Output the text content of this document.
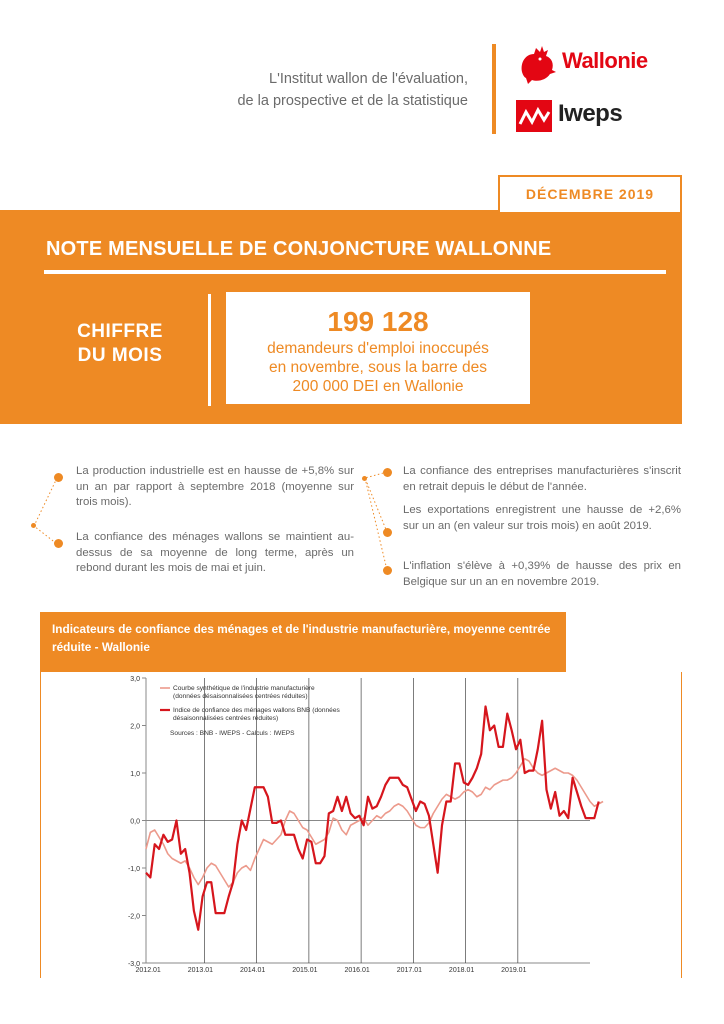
L'Institut wallon de l'évaluation,
de la prospective et de la statistique
Wallonie
Iweps
DÉCEMBRE 2019
NOTE MENSUELLE DE CONJONCTURE WALLONNE
CHIFFRE
DU MOIS
199 128
demandeurs d'emploi inoccupés
en novembre, sous la barre des
200 000 DEI en Wallonie
La production industrielle est en hausse de +5,8% sur un an par rapport à septembre 2018 (moyenne sur trois mois).
La confiance des ménages wallons se maintient au-dessus de sa moyenne de long terme, après un rebond durant les mois de mai et juin.
La confiance des entreprises manufacturières s'inscrit en retrait depuis le début de l'année.
Les exportations enregistrent une hausse de +2,6% sur un an (en valeur sur trois mois) en août 2019.
L'inflation s'élève à +0,39% de hausse des prix en Belgique sur un an en novembre 2019.
Indicateurs de confiance des ménages et de l'industrie manufacturière, moyenne centrée réduite - Wallonie
3,0
2,0
1,0
0,0
-1,0
-2,0
-3,0
2012.01	2013.01	2014.01	2015.01	2016.01	2017.01	2018.01	2019.01
Courbe synthétique de l'industrie manufacturière
(données désaisonnalisées centrées réduites)
Indice de confiance des ménages wallons BNB (données
désaisonnalisées centrées réduites)
Sources : BNB - IWEPS - Calculs : IWEPS
